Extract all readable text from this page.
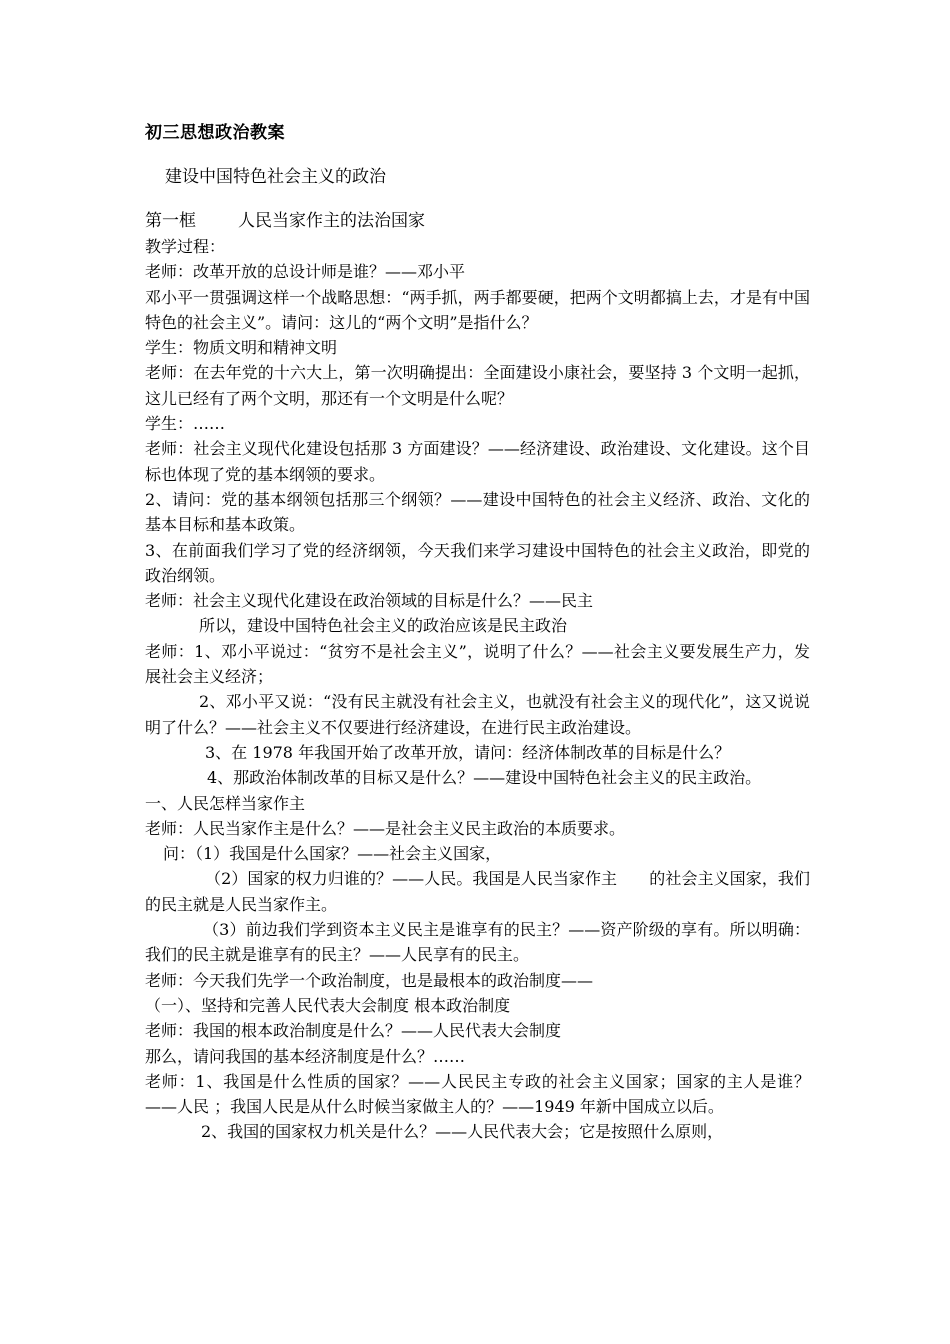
初三思想政治教案
建设中国特色社会主义的政治
第一框 人民当家作主的法治国家

教学过程：

老师：改革开放的总设计师是谁？——邓小平

邓小平一贯强调这样一个战略思想：“两手抓，两手都要硬，把两个文明都搞上去，才是有中国特色的社会主义”。请问：这儿的“两个文明”是指什么？

学生：物质文明和精神文明

老师：在去年党的十六大上，第一次明确提出：全面建设小康社会，要坚持 3 个文明一起抓，这儿已经有了两个文明，那还有一个文明是什么呢？

学生：……

老师：社会主义现代化建设包括那 3 方面建设？——经济建设、政治建设、文化建设。这个目标也体现了党的基本纲领的要求。

2、请问：党的基本纲领包括那三个纲领？——建设中国特色的社会主义经济、政治、文化的基本目标和基本政策。

3、在前面我们学习了党的经济纲领，今天我们来学习建设中国特色的社会主义政治，即党的政治纲领。

老师：社会主义现代化建设在政治领域的目标是什么？——民主

所以，建设中国特色社会主义的政治应该是民主政治

老师：1、邓小平说过：“贫穷不是社会主义”，说明了什么？——社会主义要发展生产力，发展社会主义经济；

2、邓小平又说：“没有民主就没有社会主义，也就没有社会主义的现代化”，这又说说明了什么？——社会主义不仅要进行经济建设，在进行民主政治建设。

3、在 1978 年我国开始了改革开放，请问：经济体制改革的目标是什么？

4、那政治体制改革的目标又是什么？——建设中国特色社会主义的民主政治。

一、人民怎样当家作主

老师：人民当家作主是什么？——是社会主义民主政治的本质要求。

问：（1）我国是什么国家？——社会主义国家，

（2）国家的权力归谁的？——人民。我国是人民当家作主　　的社会主义国家，我们的民主就是人民当家作主。

（3）前边我们学到资本主义民主是谁享有的民主？——资产阶级的享有。所以明确：我们的民主就是谁享有的民主？——人民享有的民主。

老师：今天我们先学一个政治制度，也是最根本的政治制度——

（一）、坚持和完善人民代表大会制度 根本政治制度

老师：我国的根本政治制度是什么？——人民代表大会制度

那么，请问我国的基本经济制度是什么？……

老师：1、我国是什么性质的国家？——人民民主专政的社会主义国家；国家的主人是谁？——人民 ；我国人民是从什么时候当家做主人的？——1949 年新中国成立以后。

2、我国的国家权力机关是什么？——人民代表大会；它是按照什么原则，
